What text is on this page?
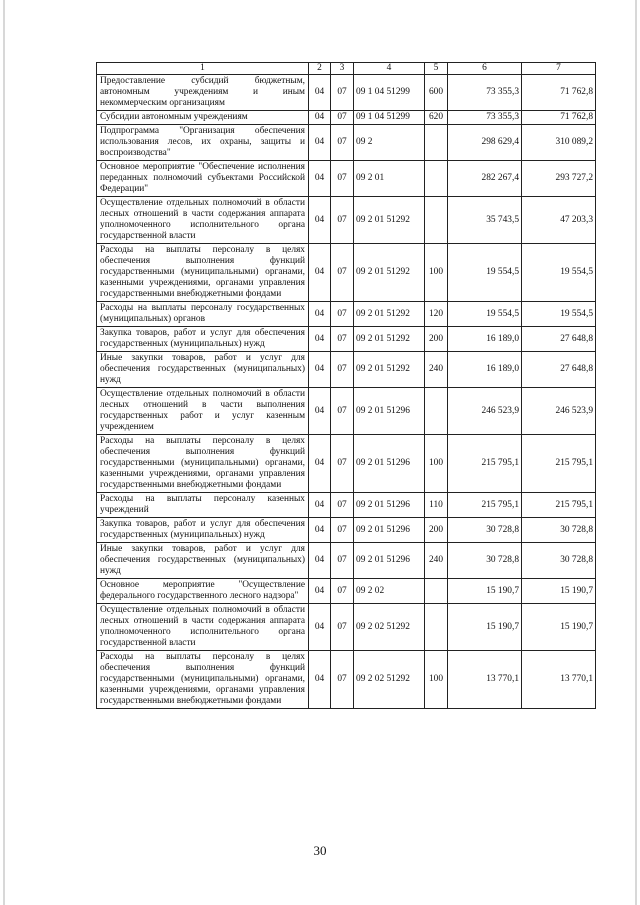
1	2	3	4	5	6	7
Предоставление субсидий бюджетным, автономным учреждениям и иным некоммерческим организациям	04	07	09 1 04 51299	600	73 355,3	71 762,8
Субсидии автономным учреждениям	04	07	09 1 04 51299	620	73 355,3	71 762,8
Подпрограмма "Организация обеспечения использования лесов, их охраны, защиты и воспроизводства"	04	07	09 2		298 629,4	310 089,2
Основное мероприятие "Обеспечение исполнения переданных полномочий субъектами Российской Федерации"	04	07	09 2 01		282 267,4	293 727,2
Осуществление отдельных полномочий в области лесных отношений в части содержания аппарата уполномоченного исполнительного органа государственной власти	04	07	09 2 01 51292		35 743,5	47 203,3
Расходы на выплаты персоналу в целях обеспечения выполнения функций государственными (муниципальными) органами, казенными учреждениями, органами управления государственными внебюджетными фондами	04	07	09 2 01 51292	100	19 554,5	19 554,5
Расходы на выплаты персоналу государственных (муниципальных) органов	04	07	09 2 01 51292	120	19 554,5	19 554,5
Закупка товаров, работ и услуг для обеспечения государственных (муниципальных) нужд	04	07	09 2 01 51292	200	16 189,0	27 648,8
Иные закупки товаров, работ и услуг для обеспечения государственных (муниципальных) нужд	04	07	09 2 01 51292	240	16 189,0	27 648,8
Осуществление отдельных полномочий в области лесных отношений в части выполнения государственных работ и услуг казенным учреждением	04	07	09 2 01 51296		246 523,9	246 523,9
Расходы на выплаты персоналу в целях обеспечения выполнения функций государственными (муниципальными) органами, казенными учреждениями, органами управления государственными внебюджетными фондами	04	07	09 2 01 51296	100	215 795,1	215 795,1
Расходы на выплаты персоналу казенных учреждений	04	07	09 2 01 51296	110	215 795,1	215 795,1
Закупка товаров, работ и услуг для обеспечения государственных (муниципальных) нужд	04	07	09 2 01 51296	200	30 728,8	30 728,8
Иные закупки товаров, работ и услуг для обеспечения государственных (муниципальных) нужд	04	07	09 2 01 51296	240	30 728,8	30 728,8
Основное мероприятие "Осуществление федерального государственного лесного надзора"	04	07	09 2 02		15 190,7	15 190,7
Осуществление отдельных полномочий в области лесных отношений в части содержания аппарата уполномоченного исполнительного органа государственной власти	04	07	09 2 02 51292		15 190,7	15 190,7
Расходы на выплаты персоналу в целях обеспечения выполнения функций государственными (муниципальными) органами, казенными учреждениями, органами управления государственными внебюджетными фондами	04	07	09 2 02 51292	100	13 770,1	13 770,1
30
